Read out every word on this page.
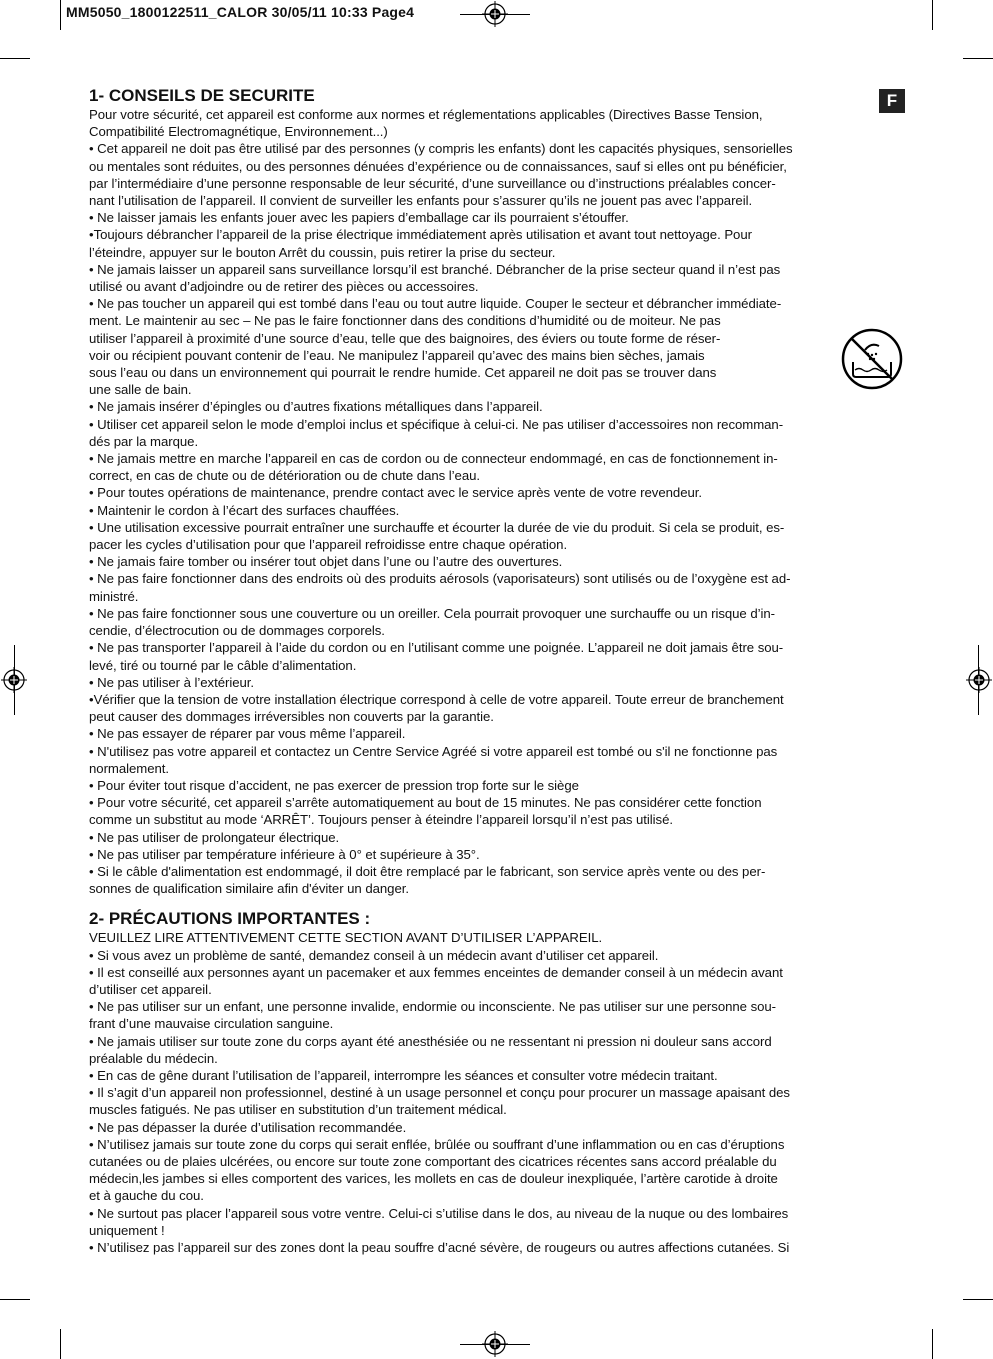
MM5050_1800122511_CALOR 30/05/11 10:33 Page4
F
1- CONSEILS DE SECURITE
Pour votre sécurité, cet appareil est conforme aux normes et réglementations applicables (Directives Basse Tension,
Compatibilité Electromagnétique, Environnement...)
• Cet appareil ne doit pas être utilisé par des personnes (y compris les enfants) dont les capacités physiques, sensorielles
ou mentales sont réduites, ou des personnes dénuées d’expérience ou de connaissances, sauf si elles ont pu bénéficier,
par l’intermédiaire d’une personne responsable de leur sécurité, d’une surveillance ou d’instructions préalables concer-
nant l’utilisation de l’appareil. Il convient de surveiller les enfants pour s’assurer qu’ils ne jouent pas avec l’appareil.
• Ne laisser jamais les enfants jouer avec les papiers d’emballage car ils pourraient s’étouffer.
•Toujours débrancher l’appareil de la prise électrique immédiatement après utilisation et avant tout nettoyage. Pour
l’éteindre, appuyer sur le bouton Arrêt du coussin, puis retirer la prise du secteur.
• Ne jamais laisser un appareil sans surveillance lorsqu’il est branché. Débrancher de la prise secteur quand il n’est pas
utilisé ou avant d’adjoindre ou de retirer des pièces ou accessoires.
• Ne pas toucher un appareil qui est tombé dans l’eau ou tout autre liquide. Couper le secteur et débrancher immédiate-
ment. Le maintenir au sec – Ne pas le faire fonctionner dans des conditions d’humidité ou de moiteur. Ne pas
utiliser l’appareil à proximité d’une source d’eau, telle que des baignoires, des éviers ou toute forme de réser-
voir ou récipient pouvant contenir de l’eau. Ne manipulez l’appareil qu’avec des mains bien sèches, jamais
sous l’eau ou dans un environnement qui pourrait le rendre humide. Cet appareil ne doit pas se trouver dans
une salle de bain.
• Ne jamais insérer d’épingles ou d’autres fixations métalliques dans l’appareil.
• Utiliser cet appareil selon le mode d’emploi inclus et spécifique à celui-ci. Ne pas utiliser d’accessoires non recomman-
dés par la marque.
• Ne jamais mettre en marche l’appareil en cas de cordon ou de connecteur endommagé, en cas de fonctionnement in-
correct, en cas de chute ou de détérioration ou de chute dans l’eau.
• Pour toutes opérations de maintenance, prendre contact avec le service après vente de votre revendeur.
• Maintenir le cordon à l’écart des surfaces chauffées.
• Une utilisation excessive pourrait entraîner une surchauffe et écourter la durée de vie du produit. Si cela se produit, es-
pacer les cycles d’utilisation pour que l’appareil refroidisse entre chaque opération.
• Ne jamais faire tomber ou insérer tout objet dans l’une ou l’autre des ouvertures.
• Ne pas faire fonctionner dans des endroits où des produits aérosols (vaporisateurs) sont utilisés ou de l’oxygène est ad-
ministré.
• Ne pas faire fonctionner sous une couverture ou un oreiller. Cela pourrait provoquer une surchauffe ou un risque d’in-
cendie, d’électrocution ou de dommages corporels.
• Ne pas transporter l’appareil à l’aide du cordon ou en l’utilisant comme une poignée. L’appareil ne doit jamais être sou-
levé, tiré ou tourné par le câble d’alimentation.
• Ne pas utiliser à l’extérieur.
•Vérifier que la tension de votre installation électrique correspond à celle de votre appareil. Toute erreur de branchement
peut causer des dommages irréversibles non couverts par la garantie.
• Ne pas essayer de réparer par vous même l’appareil.
• N'utilisez pas votre appareil et contactez un Centre Service Agréé si votre appareil est tombé ou s'il ne fonctionne pas
normalement.
• Pour éviter tout risque d’accident, ne pas exercer de pression trop forte sur le siège
• Pour votre sécurité, cet appareil s’arrête automatiquement au bout de 15 minutes. Ne pas considérer cette fonction
comme un substitut au mode ‘ARRÊT’. Toujours penser à éteindre l’appareil lorsqu’il n’est pas utilisé.
• Ne pas utiliser de prolongateur électrique.
• Ne pas utiliser par température inférieure à 0° et supérieure à 35°.
• Si le câble d'alimentation est endommagé, il doit être remplacé par le fabricant, son service après vente ou des per-
sonnes de qualification similaire afin d'éviter un danger.
2- PRÉCAUTIONS IMPORTANTES :
VEUILLEZ LIRE ATTENTIVEMENT CETTE SECTION AVANT D’UTILISER L’APPAREIL.
• Si vous avez un problème de santé, demandez conseil à un médecin avant d’utiliser cet appareil.
• Il est conseillé aux personnes ayant un pacemaker et aux femmes enceintes de demander conseil à un médecin avant
d’utiliser cet appareil.
• Ne pas utiliser sur un enfant, une personne invalide, endormie ou inconsciente. Ne pas utiliser sur une personne sou-
frant d’une mauvaise circulation sanguine.
• Ne jamais utiliser sur toute zone du corps ayant été anesthésiée ou ne ressentant ni pression ni douleur sans accord
préalable du médecin.
• En cas de gêne durant l’utilisation de l’appareil, interrompre les séances et consulter votre médecin traitant.
• Il s’agit d’un appareil non professionnel, destiné à un usage personnel et conçu pour procurer un massage apaisant des
muscles fatigués. Ne pas utiliser en substitution d’un traitement médical.
• Ne pas dépasser la durée d’utilisation recommandée.
• N’utilisez jamais sur toute zone du corps qui serait enflée, brûlée ou souffrant d’une inflammation ou en cas d’éruptions
cutanées ou de plaies ulcérées, ou encore sur toute zone comportant des cicatrices récentes sans accord préalable du
médecin,les jambes si elles comportent des varices, les mollets en cas de douleur inexpliquée, l’artère carotide à droite
et à gauche du cou.
• Ne surtout pas placer l’appareil sous votre ventre. Celui-ci s’utilise dans le dos, au niveau de la nuque ou des lombaires
uniquement !
• N’utilisez pas l’appareil sur des zones dont la peau souffre d’acné sévère, de rougeurs ou autres affections cutanées. Si
